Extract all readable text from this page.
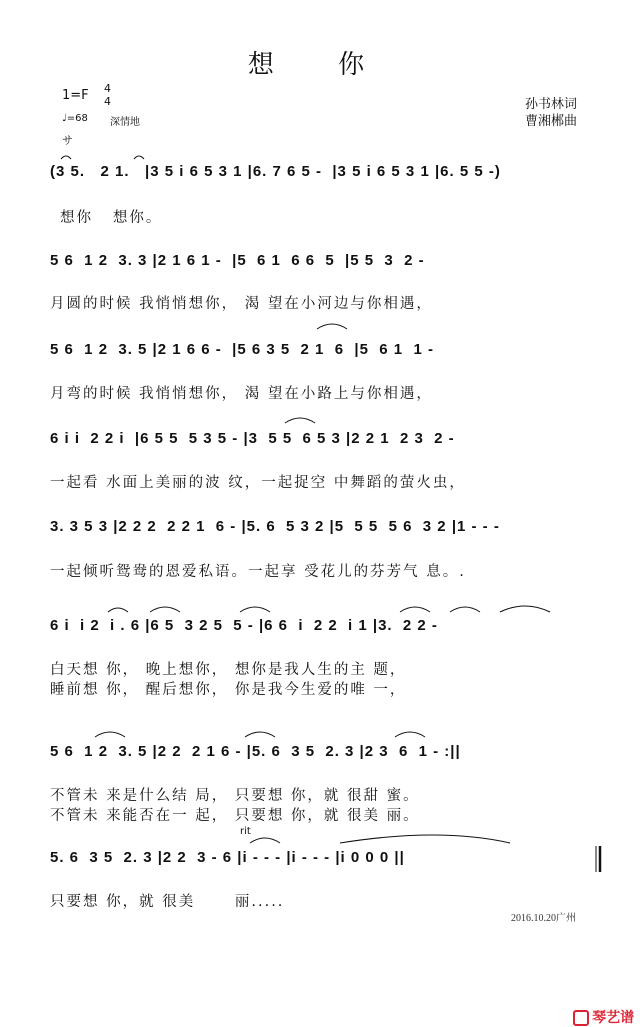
想 你
1=F 4
4
♩=68 深情地
サ
孙书林词
曹湘郴曲
(3 5.   2 1.   |3 5 i 6 5 3 1 |6. 7 6 5 -  |3 5 i 6 5 3 1 |6. 5 5 -)
想你   想你。
5 6  1 2  3. 3 |2 1 6 1 -  |5  6 1  6 6  5  |5 5  3  2 -
月圆的时候 我悄悄想你， 渴 望在小河边与你相遇，
5 6  1 2  3. 5 |2 1 6 6 -  |5 6 3 5  2 1  6  |5  6 1  1 -
月弯的时候 我悄悄想你， 渴 望在小路上与你相遇，
6 i i  2 2 i  |6 5 5  5 3 5 - |3  5 5  6 5 3 |2 2 1  2 3  2 -
一起看 水面上美丽的波 纹，一起捉空 中舞蹈的萤火虫，
3. 3 5 3 |2 2 2  2 2 1  6 - |5. 6  5 3 2 |5  5 5  5 6  3 2 |1 - - -
一起倾听鸳鸯的恩爱私语。一起享 受花儿的芬芳气 息。.
6 i  i 2  i . 6 |6 5  3 2 5  5 - |6 6  i  2 2  i 1 |3.  2 2 -
白天想 你， 晚上想你， 想你是我人生的主 题，
睡前想 你， 醒后想你， 你是我今生爱的唯 一，
5 6  1 2  3. 5 |2 2  2 1 6 - |5. 6  3 5  2. 3 |2 3  6  1 - :||
不管未 来是什么结 局， 只要想 你，就 很甜 蜜。
不管未 来能否在一 起， 只要想 你，就 很美 丽。
rit
5. 6  3 5  2. 3 |2 2  3 - 6 |i - - - |i - - - |i 0 0 0 ||
只要想 你，就 很美      丽.....
2016.10.20广州

琴艺谱
